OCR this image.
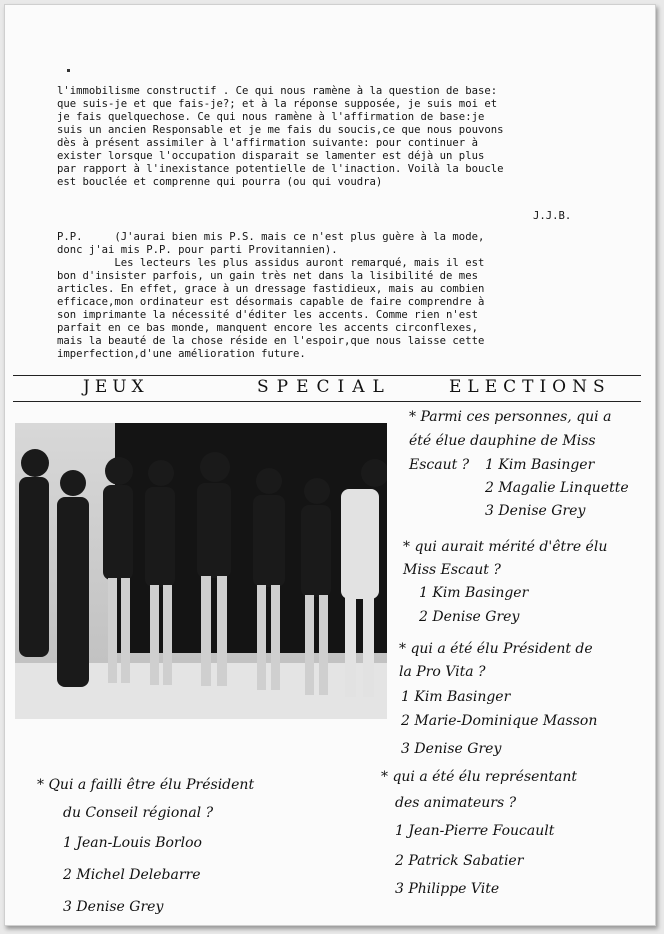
l'immobilisme constructif . Ce qui nous ramène à la question de base:
que suis-je et que fais-je?; et à la réponse supposée, je suis moi et
je fais quelquechose. Ce qui nous ramène à l'affirmation de base:je
suis un ancien Responsable et je me fais du soucis,ce que nous pouvons
dès à présent assimiler à l'affirmation suivante: pour continuer à
exister lorsque l'occupation disparait se lamenter est déjà un plus
par rapport à l'inexistance potentielle de l'inaction. Voilà la boucle
est bouclée et comprenne qui pourra (ou qui voudra)
J.J.B.
P.P.     (J'aurai bien mis P.S. mais ce n'est plus guère à la mode,
donc j'ai mis P.P. pour parti Provitannien).
Les lecteurs les plus assidus auront remarqué, mais il est
bon d'insister parfois, un gain très net dans la lisibilité de mes
articles. En effet, grace à un dressage fastidieux, mais au combien
efficace,mon ordinateur est désormais capable de faire comprendre à
son imprimante la nécessité d'éditer les accents. Comme rien n'est
parfait en ce bas monde, manquent encore les accents circonflexes,
mais la beauté de la chose réside en l'espoir,que nous laisse cette
imperfection,d'une amélioration future.
JEUX	SPECIAL	ELECTIONS
* Parmi ces personnes, qui a
été élue dauphine de Miss
Escaut ? 1 Kim Basinger
2 Magalie Linquette
3 Denise Grey
* qui aurait mérité d'être élu
Miss Escaut ?
1 Kim Basinger
2 Denise Grey
* qui a été élu Président de
la Pro Vita ?
1 Kim Basinger
2 Marie-Dominique Masson
3 Denise Grey
* Qui a failli être élu Président
du Conseil régional ?
1 Jean-Louis Borloo
2 Michel Delebarre
3 Denise Grey
* qui a été élu représentant
des animateurs ?
1 Jean-Pierre Foucault
2 Patrick Sabatier
3 Philippe Vite
